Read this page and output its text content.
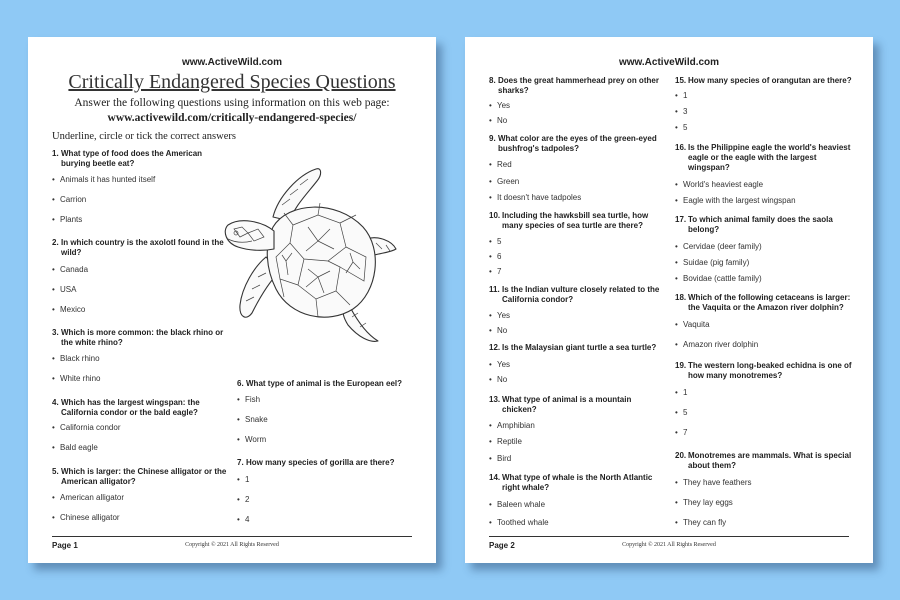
www.ActiveWild.com
Critically Endangered Species Questions
Answer the following questions using information on this web page:
www.activewild.com/critically-endangered-species/
Underline, circle or tick the correct answers
1. What type of food does the American burying beetle eat?
• Animals it has hunted itself
• Carrion
• Plants
2. In which country is the axolotl found in the wild?
• Canada
• USA
• Mexico
3. Which is more common: the black rhino or the white rhino?
• Black rhino
• White rhino
4. Which has the largest wingspan: the California condor or the bald eagle?
• California condor
• Bald eagle
5. Which is larger: the Chinese alligator or the American alligator?
• American alligator
• Chinese alligator
6. What type of animal is the European eel?
• Fish
• Snake
• Worm
7. How many species of gorilla are there?
• 1
• 2
• 4
Page 1	Copyright © 2021 All Rights Reserved
www.ActiveWild.com
8. Does the great hammerhead prey on other sharks?
• Yes
• No
9. What color are the eyes of the green-eyed bushfrog's tadpoles?
• Red
• Green
• It doesn't have tadpoles
10. Including the hawksbill sea turtle, how many species of sea turtle are there?
• 5
• 6
• 7
11. Is the Indian vulture closely related to the California condor?
• Yes
• No
12. Is the Malaysian giant turtle a sea turtle?
• Yes
• No
13. What type of animal is a mountain chicken?
• Amphibian
• Reptile
• Bird
14. What type of whale is the North Atlantic right whale?
• Baleen whale
• Toothed whale
15. How many species of orangutan are there?
• 1
• 3
• 5
16. Is the Philippine eagle the world's heaviest eagle or the eagle with the largest wingspan?
• World's heaviest eagle
• Eagle with the largest wingspan
17. To which animal family does the saola belong?
• Cervidae (deer family)
• Suidae (pig family)
• Bovidae (cattle family)
18. Which of the following cetaceans is larger: the Vaquita or the Amazon river dolphin?
• Vaquita
• Amazon river dolphin
19. The western long-beaked echidna is one of how many monotremes?
• 1
• 5
• 7
20. Monotremes are mammals. What is special about them?
• They have feathers
• They lay eggs
• They can fly
Page 2	Copyright © 2021 All Rights Reserved
